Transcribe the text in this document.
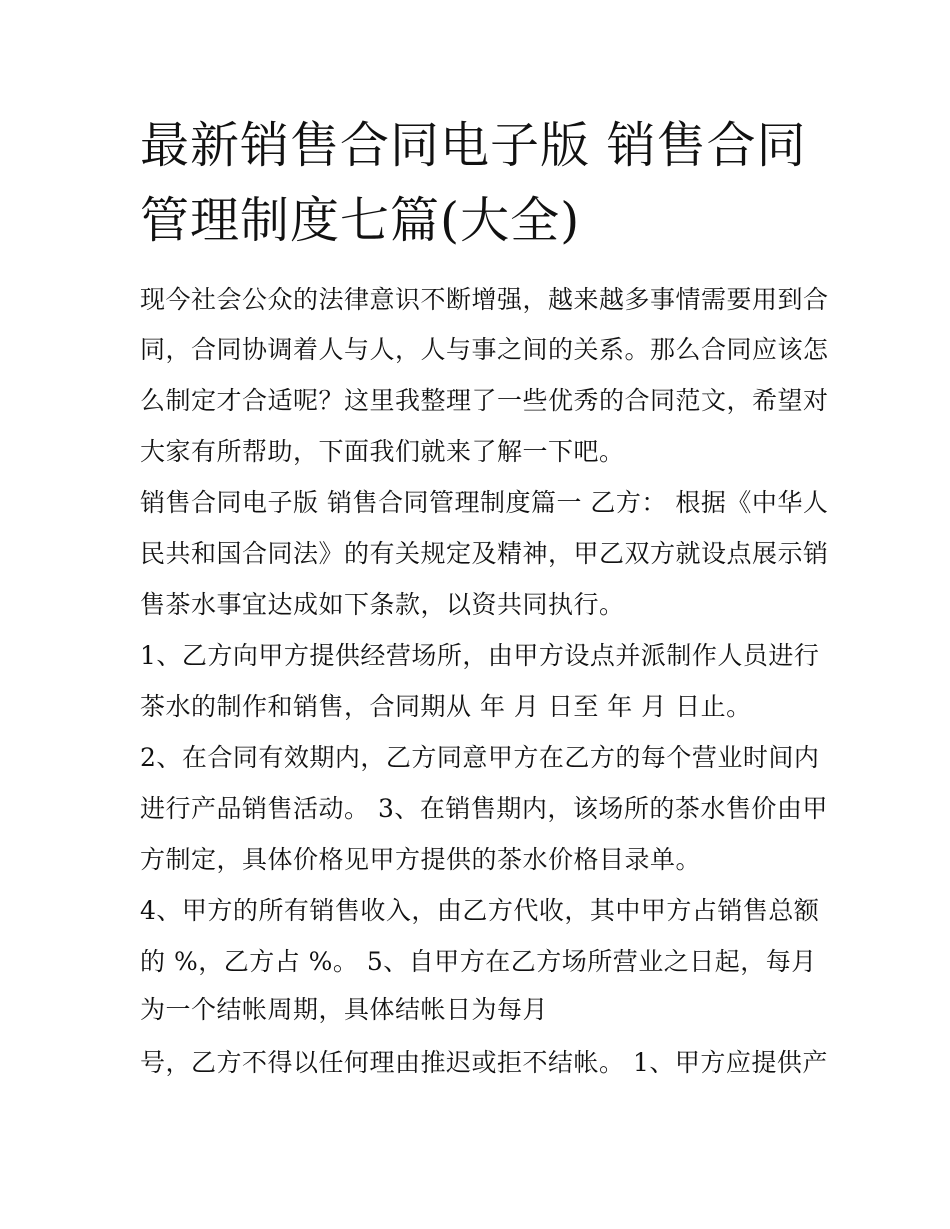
最新销售合同电子版 销售合同
管理制度七篇(大全)
现今社会公众的法律意识不断增强，越来越多事情需要用到合
同，合同协调着人与人，人与事之间的关系。那么合同应该怎
么制定才合适呢？这里我整理了一些优秀的合同范文，希望对
大家有所帮助，下面我们就来了解一下吧。
销售合同电子版 销售合同管理制度篇一 乙方： 根据《中华人
民共和国合同法》的有关规定及精神，甲乙双方就设点展示销
售茶水事宜达成如下条款，以资共同执行。
1、乙方向甲方提供经营场所，由甲方设点并派制作人员进行
茶水的制作和销售，合同期从 年 月 日至 年 月 日止。
2、在合同有效期内，乙方同意甲方在乙方的每个营业时间内
进行产品销售活动。 3、在销售期内，该场所的茶水售价由甲
方制定，具体价格见甲方提供的茶水价格目录单。
4、甲方的所有销售收入，由乙方代收，其中甲方占销售总额
的 %，乙方占 %。 5、自甲方在乙方场所营业之日起，每月
为一个结帐周期，具体结帐日为每月
号，乙方不得以任何理由推迟或拒不结帐。 1、甲方应提供产
